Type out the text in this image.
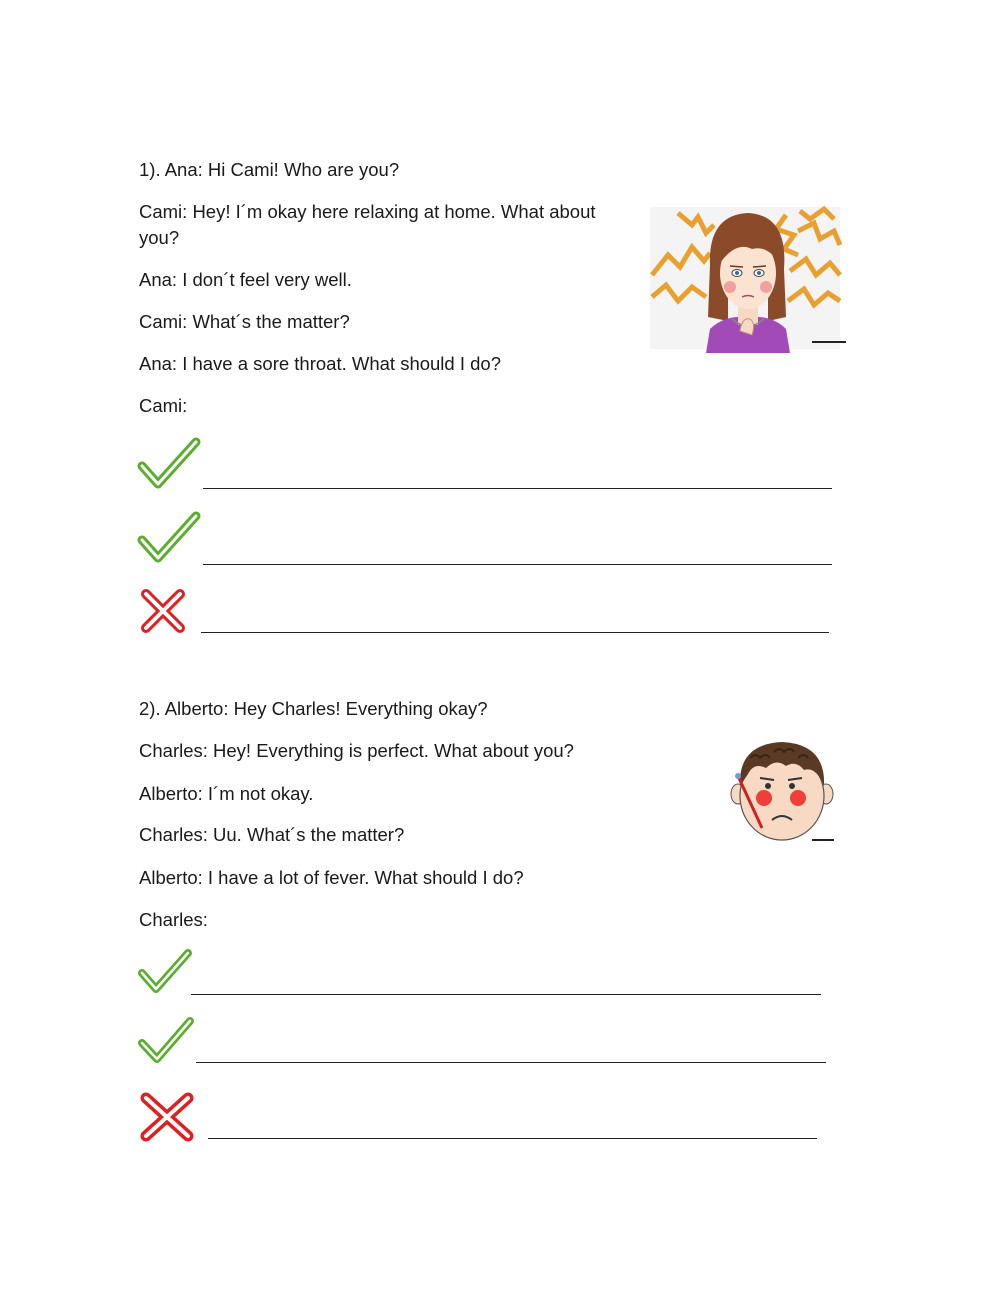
1). Ana: Hi Cami! Who are you?
Cami: Hey! I´m okay here relaxing at home. What about you?
Ana: I don´t feel very well.
Cami: What´s the matter?
Ana: I have a sore throat. What should I do?
Cami:
2). Alberto: Hey Charles! Everything okay?
Charles: Hey! Everything is perfect. What about you?
Alberto: I´m not okay.
Charles: Uu. What´s the matter?
Alberto: I have a lot of fever. What should I do?
Charles:
